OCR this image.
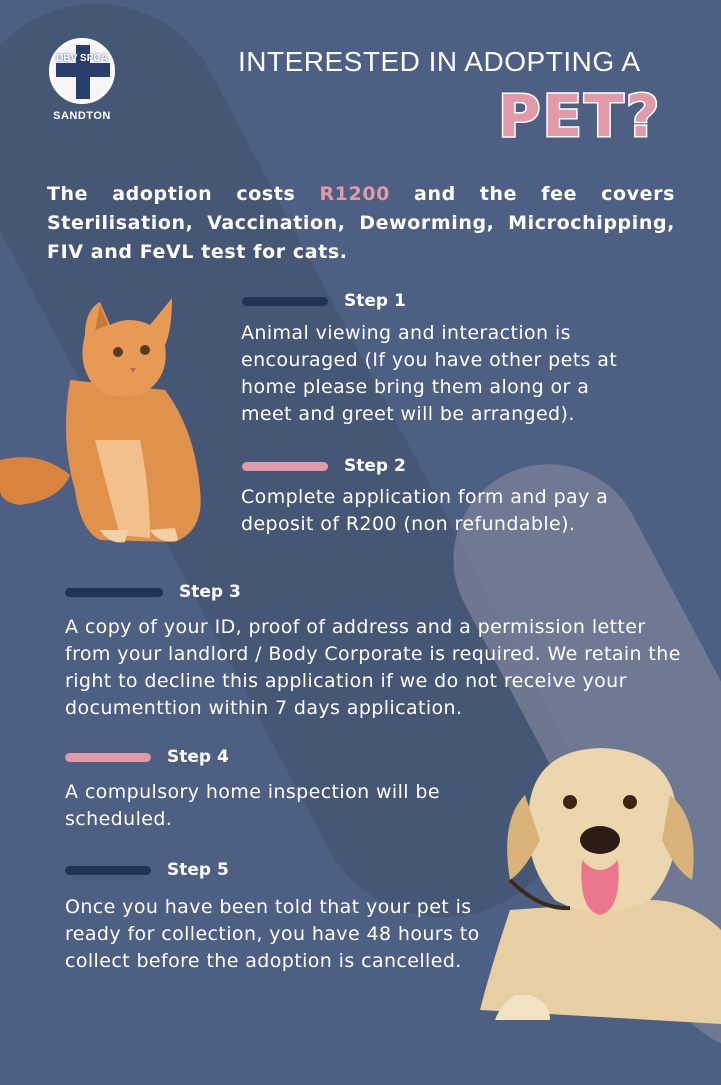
DBV SPCA
SANDTON
INTERESTED IN ADOPTING A
PET?
The adoption costs R1200 and the fee covers Sterilisation, Vaccination, Deworming, Microchipping, FIV and FeVL test for cats.
Step 1
Animal viewing and interaction is encouraged (If you have other pets at home please bring them along or a meet and greet will be arranged).
Step 2
Complete application form and pay a deposit of R200 (non refundable).
Step 3
A copy of your ID, proof of address and a permission letter from your landlord / Body Corporate is required. We retain the right to decline this application if we do not receive your documenttion within 7 days application.
Step 4
A compulsory home inspection will be scheduled.
Step 5
Once you have been told that your pet is ready for collection, you have 48 hours to collect before the adoption is cancelled.
